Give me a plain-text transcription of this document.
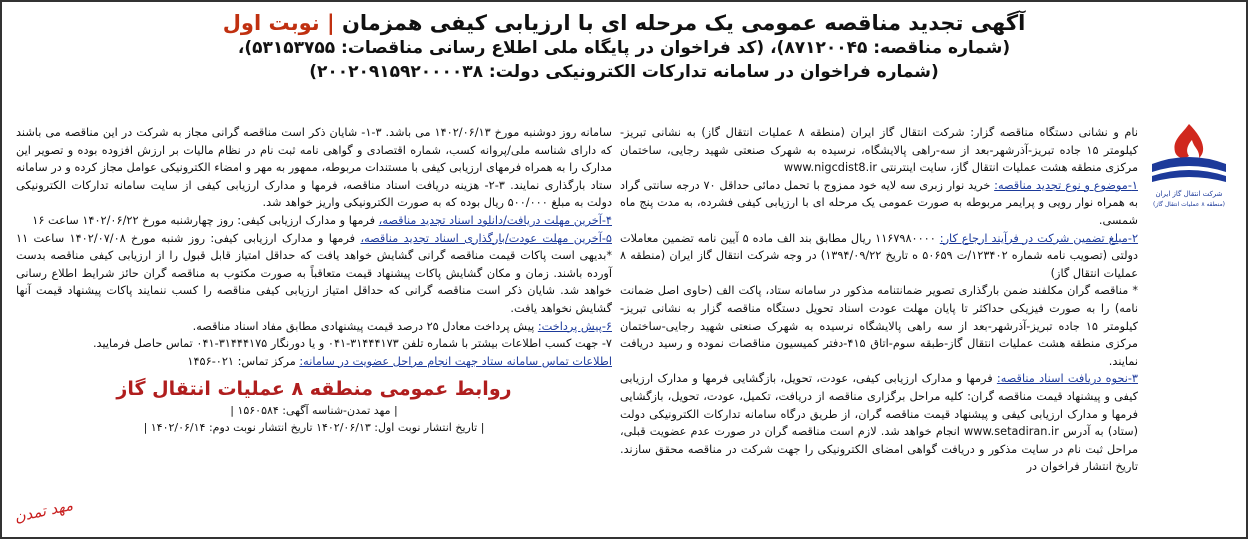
آگهی تجدید مناقصه عمومی یک مرحله ای با ارزیابی کیفی همزمان | نوبت اول
(شماره مناقصه: ۸۷۱۲۰۰۴۵)، (کد فراخوان در پایگاه ملی اطلاع رسانی مناقصات: ۵۳۱۵۳۷۵۵)،
(شماره فراخوان در سامانه تدارکات الکترونیکی دولت: ۲۰۰۲۰۹۱۵۹۲۰۰۰۰۳۸)
شرکت انتقال گاز ایران
(منطقه ۸ عملیات انتقال گاز)

نام و نشانی دستگاه مناقصه گزار: شرکت انتقال گاز ایران (منطقه ۸ عملیات انتقال گاز) به نشانی تبریز-کیلومتر ۱۵ جاده تبریز-آذرشهر-بعد از سه-راهی پالایشگاه، نرسیده به شهرک صنعتی شهید رجایی، ساختمان مرکزی منطقه هشت عملیات انتقال گاز، سایت اینترنتی www.nigcdist8.ir

۱-موضوع و نوع تجدید مناقصه: خرید نوار زبری سه لایه خود ممزوج با تحمل دمائی حداقل ۷۰ درجه سانتی گراد به همراه نوار رویی و پرایمر مربوطه به صورت عمومی یک مرحله ای با ارزیابی کیفی فشرده، به مدت پنج ماه شمسی.

۲-مبلغ تضمین شرکت در فرآیند ارجاع کار: ۱۱۶۷۹۸۰۰۰۰ ریال مطابق بند الف ماده ۵ آیین نامه تضمین معاملات دولتی (تصویب نامه شماره ۱۲۳۴۰۲/ت ۵۰۶۵۹ ه تاریخ ۱۳۹۴/۰۹/۲۲) در وجه شرکت انتقال گاز ایران (منطقه ۸ عملیات انتقال گاز)

* مناقصه گران مکلفند ضمن بارگذاری تصویر ضمانتنامه مذکور در سامانه ستاد، پاکت الف (حاوی اصل ضمانت نامه) را به صورت فیزیکی حداکثر تا پایان مهلت عودت اسناد تحویل دستگاه مناقصه گزار به نشانی تبریز-کیلومتر ۱۵ جاده تبریز-آذرشهر-بعد از سه راهی پالایشگاه نرسیده به شهرک صنعتی شهید رجایی-ساختمان مرکزی منطقه هشت عملیات انتقال گاز-طبقه سوم-اتاق ۴۱۵-دفتر کمیسیون مناقصات نموده و رسید دریافت نمایند.

۳-نحوه دریافت اسناد مناقصه: فرمها و مدارک ارزیابی کیفی، عودت، تحویل، بازگشایی فرمها و مدارک ارزیابی کیفی و پیشنهاد قیمت مناقصه گران: کلیه مراحل برگزاری مناقصه از دریافت، تکمیل، عودت، تحویل، بازگشایی فرمها و مدارک ارزیابی کیفی و پیشنهاد قیمت مناقصه گران، از طریق درگاه سامانه تدارکات الکترونیکی دولت (ستاد) به آدرس www.setadiran.ir انجام خواهد شد. لازم است مناقصه گران در صورت عدم عضویت قبلی، مراحل ثبت نام در سایت مذکور و دریافت گواهی امضای الکترونیکی را جهت شرکت در مناقصه محقق سازند. تاریخ انتشار فراخوان در

سامانه روز دوشنبه مورخ ۱۴۰۲/۰۶/۱۳ می باشد. ۳-۱- شایان ذکر است مناقصه گرانی مجاز به شرکت در این مناقصه می باشند که دارای شناسه ملی/پروانه کسب، شماره اقتصادی و گواهی نامه ثبت نام در نظام مالیات بر ارزش افزوده بوده و تصویر این مدارک را به همراه فرمهای ارزیابی کیفی با مستندات مربوطه، ممهور به مهر و امضاء الکترونیکی عوامل مجاز کرده و در سامانه ستاد بارگذاری نمایند. ۳-۲- هزینه دریافت اسناد مناقصه، فرمها و مدارک ارزیابی کیفی از سایت سامانه تدارکات الکترونیکی دولت به مبلغ ۵۰۰/۰۰۰ ریال بوده که به صورت الکترونیکی واریز خواهد شد.

۴-آخرین مهلت دریافت/دانلود اسناد تجدید مناقصه، فرمها و مدارک ارزیابی کیفی: روز چهارشنبه مورخ ۱۴۰۲/۰۶/۲۲ ساعت ۱۶

۵-آخرین مهلت عودت/بارگذاری اسناد تجدید مناقصه، فرمها و مدارک ارزیابی کیفی: روز شنبه مورخ ۱۴۰۲/۰۷/۰۸ ساعت ۱۱ *بدیهی است پاکات قیمت مناقصه گرانی گشایش خواهد یافت که حداقل امتیاز قابل قبول را از ارزیابی کیفی مناقصه بدست آورده باشند. زمان و مکان گشایش پاکات پیشنهاد قیمت متعاقباً به صورت مکتوب به مناقصه گران حائز شرایط اطلاع رسانی خواهد شد. شایان ذکر است مناقصه گرانی که حداقل امتیاز ارزیابی کیفی مناقصه را کسب ننمایند پاکات پیشنهاد قیمت آنها گشایش نخواهد یافت.

۶-پیش پرداخت: پیش پرداخت معادل ۲۵ درصد قیمت پیشنهادی مطابق مفاد اسناد مناقصه.

۷- جهت کسب اطلاعات بیشتر با شماره تلفن ۳۱۴۴۴۱۷۳-۰۴۱ و یا دورنگار ۳۱۴۴۴۱۷۵-۰۴۱ تماس حاصل فرمایید.

اطلاعات تماس سامانه ستاد جهت انجام مراحل عضویت در سامانه: مرکز تماس: ۰۲۱-۱۴۵۶

روابط عمومی منطقه ۸ عملیات انتقال گاز
| مهد تمدن-شناسه آگهی: ۱۵۶۰۵۸۴ |
| تاریخ انتشار نوبت اول: ۱۴۰۲/۰۶/۱۳ تاریخ انتشار نوبت دوم: ۱۴۰۲/۰۶/۱۴ |
مهد تمدن
